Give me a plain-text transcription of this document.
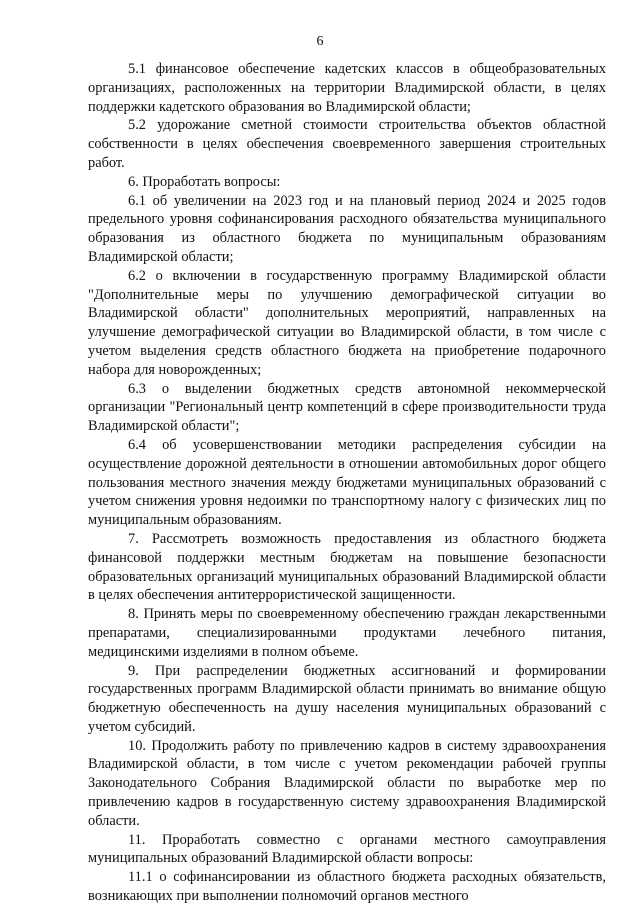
6

5.1 финансовое обеспечение кадетских классов в общеобразовательных организациях, расположенных на территории Владимирской области, в целях поддержки кадетского образования во Владимирской области;

5.2 удорожание сметной стоимости строительства объектов областной собственности в целях обеспечения своевременного завершения строительных работ.

6. Проработать вопросы:

6.1 об увеличении на 2023 год и на плановый период 2024 и 2025 годов предельного уровня софинансирования расходного обязательства муниципального образования из областного бюджета по муниципальным образованиям Владимирской области;

6.2 о включении в государственную программу Владимирской области "Дополнительные меры по улучшению демографической ситуации во Владимирской области" дополнительных мероприятий, направленных на улучшение демографической ситуации во Владимирской области, в том числе с учетом выделения средств областного бюджета на приобретение подарочного набора для новорожденных;

6.3 о выделении бюджетных средств автономной некоммерческой организации "Региональный центр компетенций в сфере производительности труда Владимирской области";

6.4 об усовершенствовании методики распределения субсидии на осуществление дорожной деятельности в отношении автомобильных дорог общего пользования местного значения между бюджетами муниципальных образований с учетом снижения уровня недоимки по транспортному налогу с физических лиц по муниципальным образованиям.

7. Рассмотреть возможность предоставления из областного бюджета финансовой поддержки местным бюджетам на повышение безопасности образовательных организаций муниципальных образований Владимирской области в целях обеспечения антитеррористической защищенности.

8. Принять меры по своевременному обеспечению граждан лекарственными препаратами, специализированными продуктами лечебного питания, медицинскими изделиями в полном объеме.

9. При распределении бюджетных ассигнований и формировании государственных программ Владимирской области принимать во внимание общую бюджетную обеспеченность на душу населения муниципальных образований с учетом субсидий.

10. Продолжить работу по привлечению кадров в систему здравоохранения Владимирской области, в том числе с учетом рекомендации рабочей группы Законодательного Собрания Владимирской области по выработке мер по привлечению кадров в государственную систему здравоохранения Владимирской области.

11. Проработать совместно с органами местного самоуправления муниципальных образований Владимирской области вопросы:

11.1 о софинансировании из областного бюджета расходных обязательств, возникающих при выполнении полномочий органов местного
